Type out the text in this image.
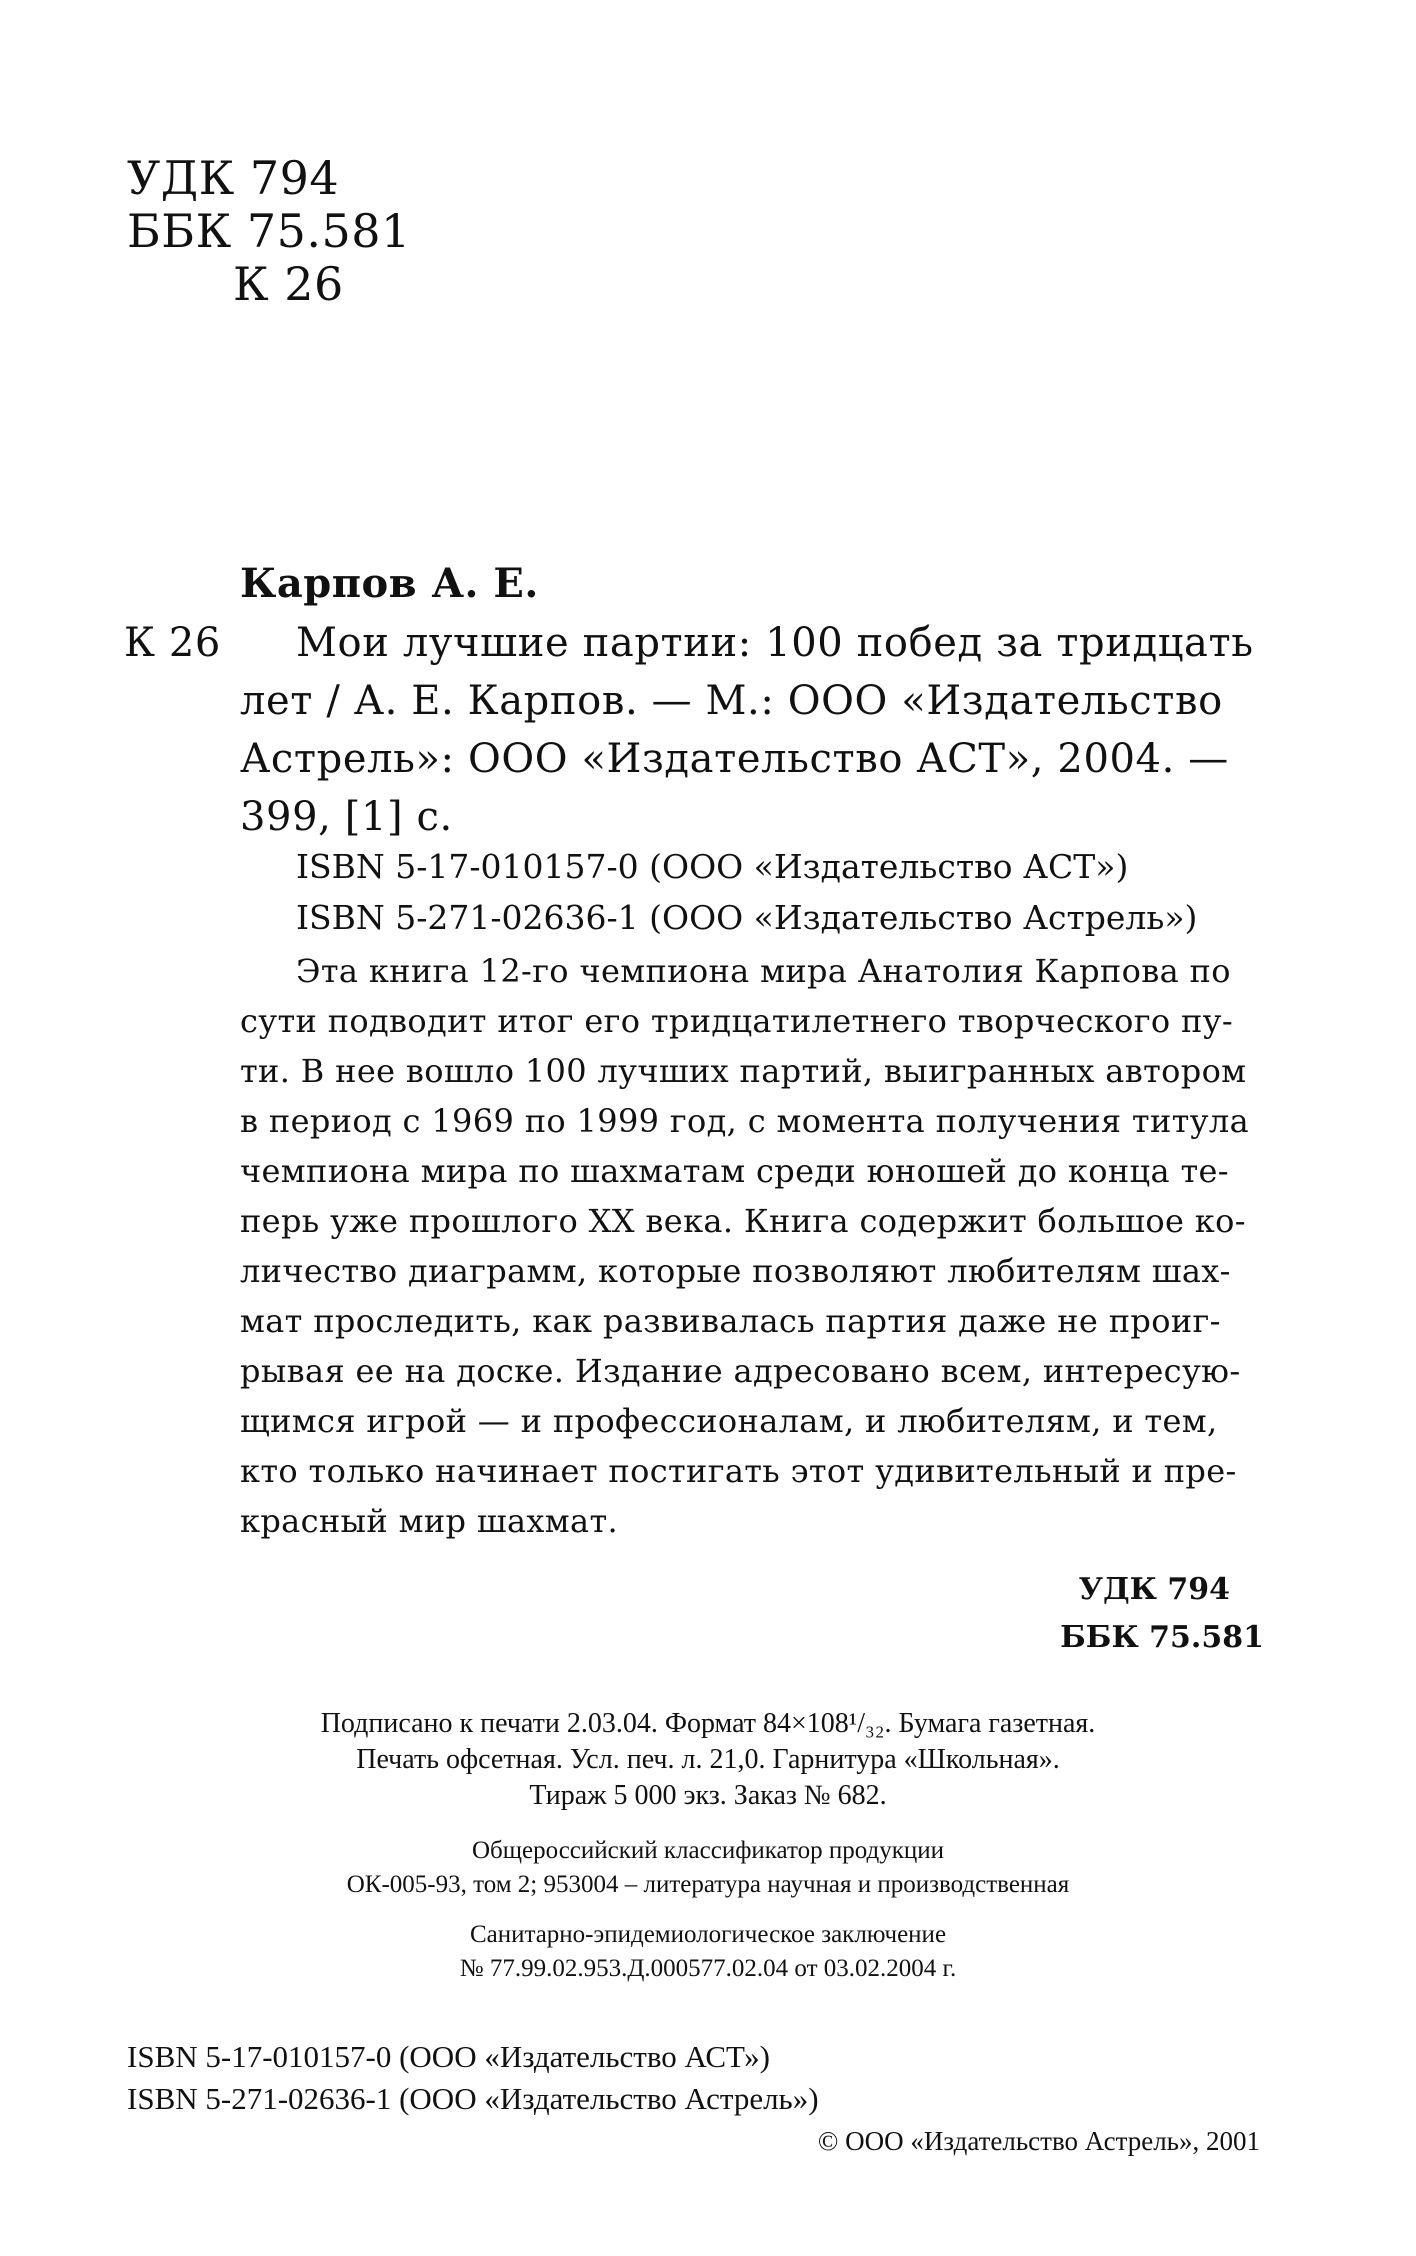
УДК 794
ББК 75.581
К 26
Карпов А. Е.
К 26 Мои лучшие партии: 100 побед за тридцать
лет / А. Е. Карпов. — М.: ООО «Издательство
Астрель»: ООО «Издательство АСТ», 2004. —
399, [1] с.
ISBN 5-17-010157-0 (ООО «Издательство АСТ»)
ISBN 5-271-02636-1 (ООО «Издательство Астрель»)
Эта книга 12-го чемпиона мира Анатолия Карпова по
сути подводит итог его тридцатилетнего творческого пу-
ти. В нее вошло 100 лучших партий, выигранных автором
в период с 1969 по 1999 год, с момента получения титула
чемпиона мира по шахматам среди юношей до конца те-
перь уже прошлого XX века. Книга содержит большое ко-
личество диаграмм, которые позволяют любителям шах-
мат проследить, как развивалась партия даже не проиг-
рывая ее на доске. Издание адресовано всем, интересую-
щимся игрой — и профессионалам, и любителям, и тем,
кто только начинает постигать этот удивительный и пре-
красный мир шахмат.
УДК 794
ББК 75.581
Подписано к печати 2.03.04. Формат 84×108¹/₃₂. Бумага газетная.
Печать офсетная. Усл. печ. л. 21,0. Гарнитура «Школьная».
Тираж 5 000 экз. Заказ № 682.
Общероссийский классификатор продукции
ОК-005-93, том 2; 953004 – литература научная и производственная
Санитарно-эпидемиологическое заключение
№ 77.99.02.953.Д.000577.02.04 от 03.02.2004 г.
ISBN 5-17-010157-0 (ООО «Издательство АСТ»)
ISBN 5-271-02636-1 (ООО «Издательство Астрель»)
© ООО «Издательство Астрель», 2001
